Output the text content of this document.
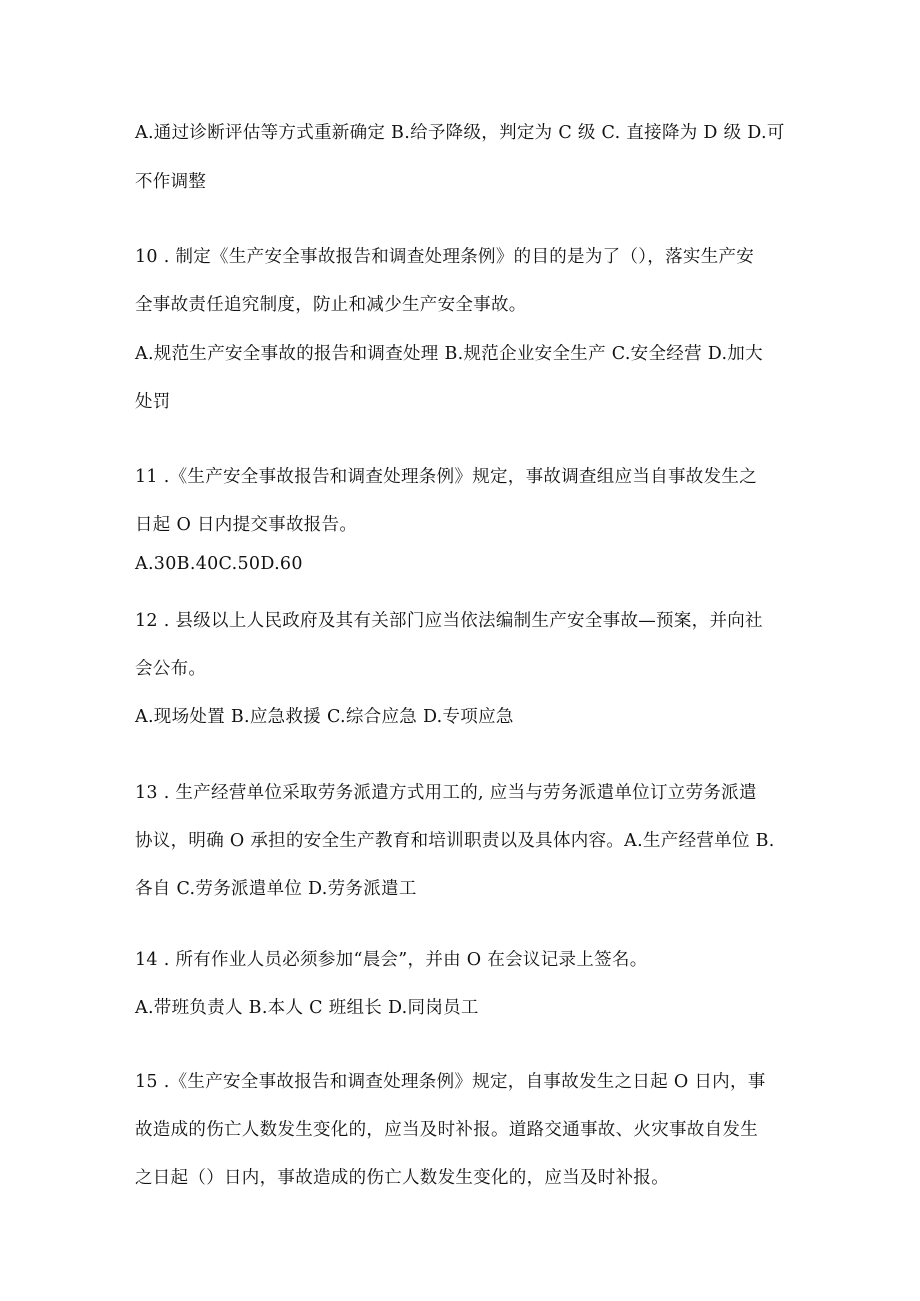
A.通过诊断评估等方式重新确定 B.给予降级，判定为 C 级 C. 直接降为 D 级 D.可
不作调整
10 . 制定《生产安全事故报告和调查处理条例》的目的是为了（），落实生产安
全事故责任追究制度，防止和减少生产安全事故。
A.规范生产安全事故的报告和调查处理 B.规范企业安全生产 C.安全经营 D.加大
处罚
11 .《生产安全事故报告和调查处理条例》规定，事故调查组应当自事故发生之
日起 O 日内提交事故报告。
A.30B.40C.50D.60
12 . 县级以上人民政府及其有关部门应当依法编制生产安全事故—预案，并向社
会公布。
A.现场处置 B.应急救援 C.综合应急 D.专项应急
13 . 生产经营单位采取劳务派遣方式用工的, 应当与劳务派遣单位订立劳务派遣
协议，明确 O 承担的安全生产教育和培训职责以及具体内容。A.生产经营单位 B.
各自 C.劳务派遣单位 D.劳务派遣工
14 . 所有作业人员必须参加“晨会”，并由 O 在会议记录上签名。
A.带班负责人 B.本人 C 班组长 D.同岗员工
15 .《生产安全事故报告和调查处理条例》规定，自事故发生之日起 O 日内，事
故造成的伤亡人数发生变化的，应当及时补报。道路交通事故、火灾事故自发生
之日起（）日内，事故造成的伤亡人数发生变化的，应当及时补报。
